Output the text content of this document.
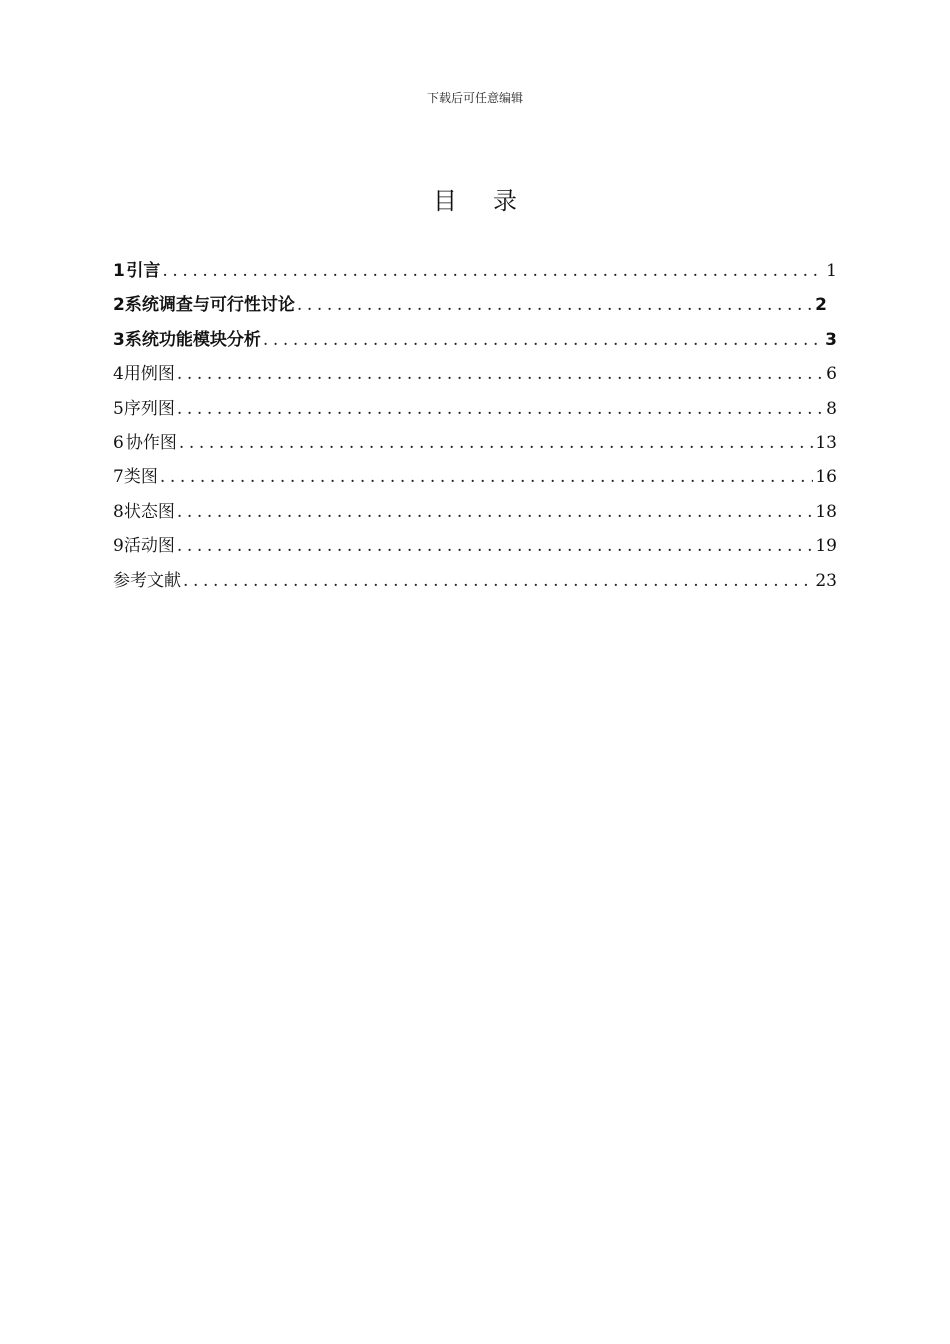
下载后可任意编辑
目录
1 引言 .....	1
2 系统调查与可行性讨论 .....	2
3 系统功能模块分析 .....	3
4 用例图 .....	6
5 序列图 .....	8
6 协作图 .....	13
7 类图 .....	16
8 状态图 .....	18
9 活动图 .....	19
参考文献 .....	23
